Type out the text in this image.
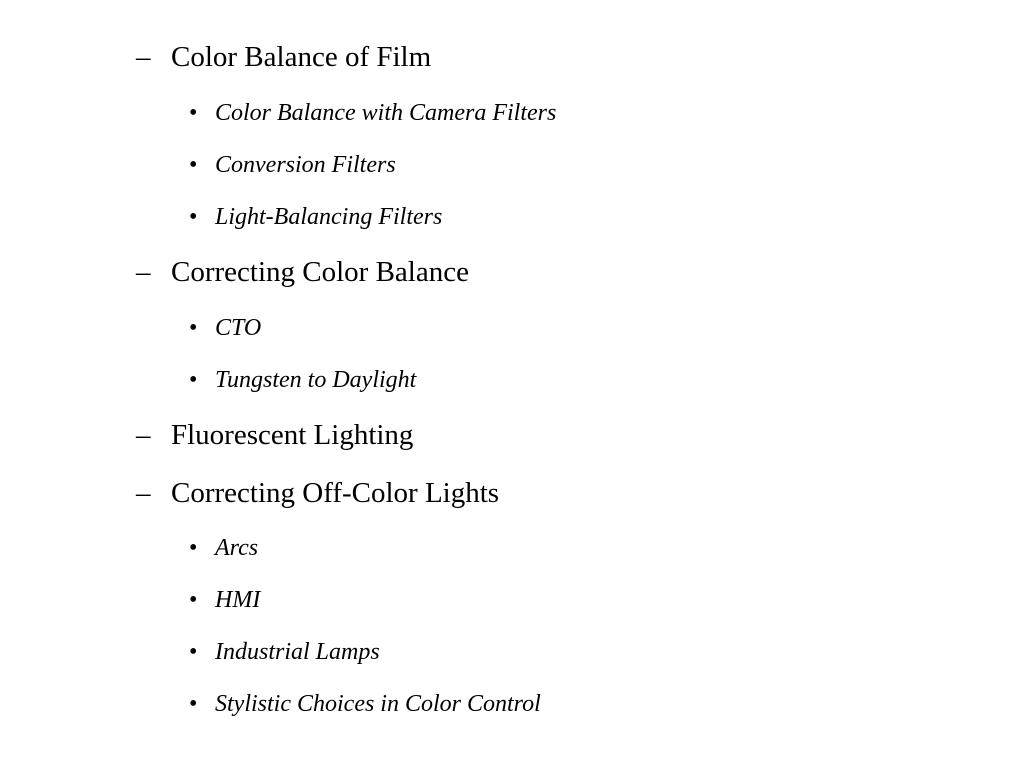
– Color Balance of Film
• Color Balance with Camera Filters
• Conversion Filters
• Light-Balancing Filters
– Correcting Color Balance
• CTO
• Tungsten to Daylight
– Fluorescent Lighting
– Correcting Off-Color Lights
• Arcs
• HMI
• Industrial Lamps
• Stylistic Choices in Color Control
